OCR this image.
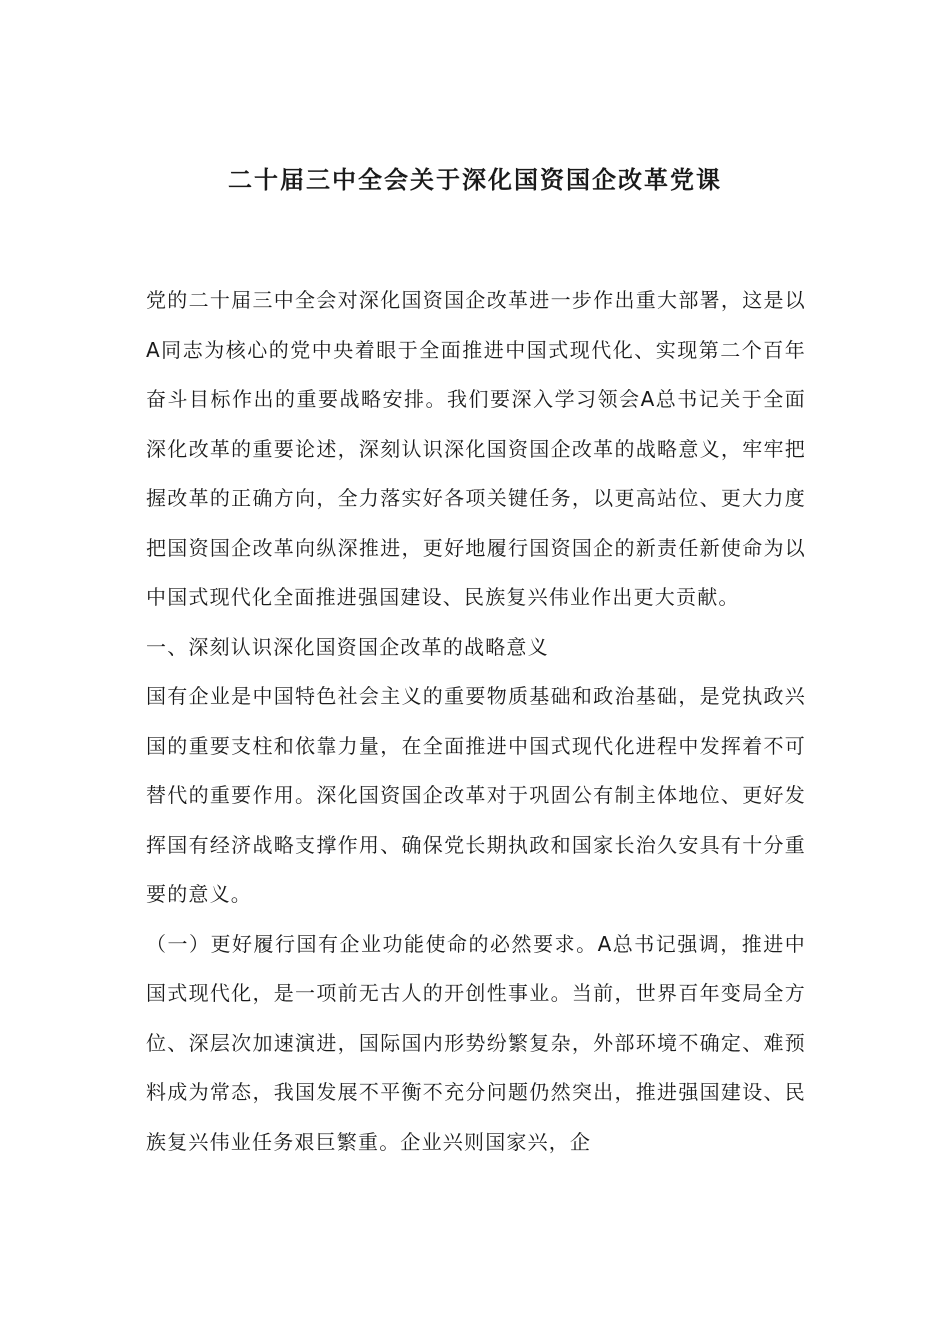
二十届三中全会关于深化国资国企改革党课

党的二十届三中全会对深化国资国企改革进一步作出重大部署，这是以A同志为核心的党中央着眼于全面推进中国式现代化、实现第二个百年奋斗目标作出的重要战略安排。我们要深入学习领会A总书记关于全面深化改革的重要论述，深刻认识深化国资国企改革的战略意义，牢牢把握改革的正确方向，全力落实好各项关键任务，以更高站位、更大力度把国资国企改革向纵深推进，更好地履行国资国企的新责任新使命为以中国式现代化全面推进强国建设、民族复兴伟业作出更大贡献。

一、深刻认识深化国资国企改革的战略意义

国有企业是中国特色社会主义的重要物质基础和政治基础，是党执政兴国的重要支柱和依靠力量，在全面推进中国式现代化进程中发挥着不可替代的重要作用。深化国资国企改革对于巩固公有制主体地位、更好发挥国有经济战略支撑作用、确保党长期执政和国家长治久安具有十分重要的意义。

（一）更好履行国有企业功能使命的必然要求。A总书记强调，推进中国式现代化，是一项前无古人的开创性事业。当前，世界百年变局全方位、深层次加速演进，国际国内形势纷繁复杂，外部环境不确定、难预料成为常态，我国发展不平衡不充分问题仍然突出，推进强国建设、民族复兴伟业任务艰巨繁重。企业兴则国家兴，企
